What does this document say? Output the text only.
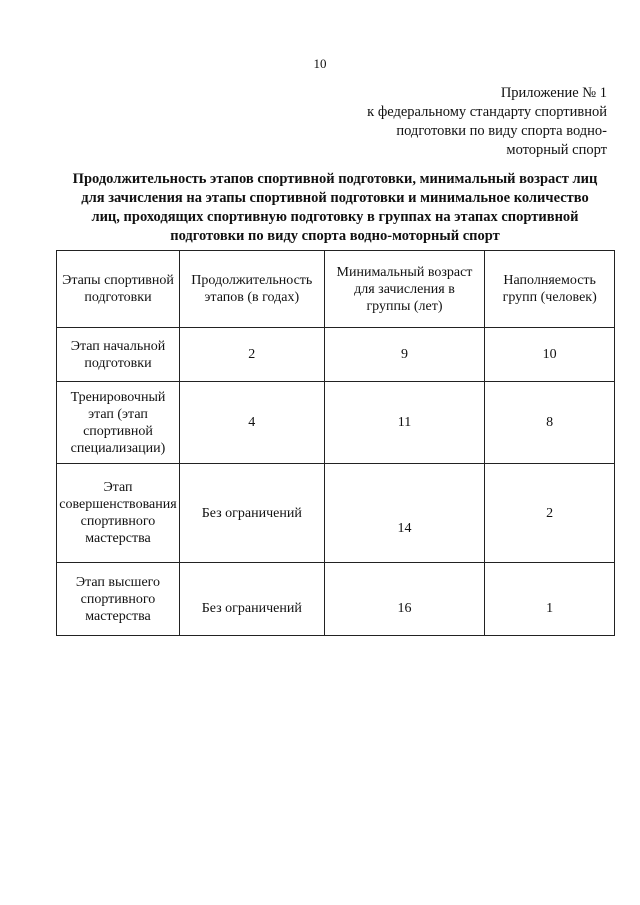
10
Приложение № 1
к федеральному стандарту спортивной
подготовки по виду спорта водно-
моторный спорт
Продолжительность этапов спортивной подготовки, минимальный возраст лиц
для зачисления на этапы спортивной подготовки и минимальное количество
лиц, проходящих спортивную подготовку в группах на этапах спортивной
подготовки по виду спорта водно-моторный спорт
Этапы спортивной
подготовки	Продолжительность
этапов (в годах)	Минимальный возраст
для зачисления в
группы (лет)	Наполняемость
групп (человек)

Этап начальной
подготовки	2	9	10

Тренировочный
этап (этап
спортивной
специализации)	4	11	8

Этап
совершенствования
спортивного
мастерства	Без ограничений	14	2

Этап высшего
спортивного
мастерства	Без ограничений	16	1
